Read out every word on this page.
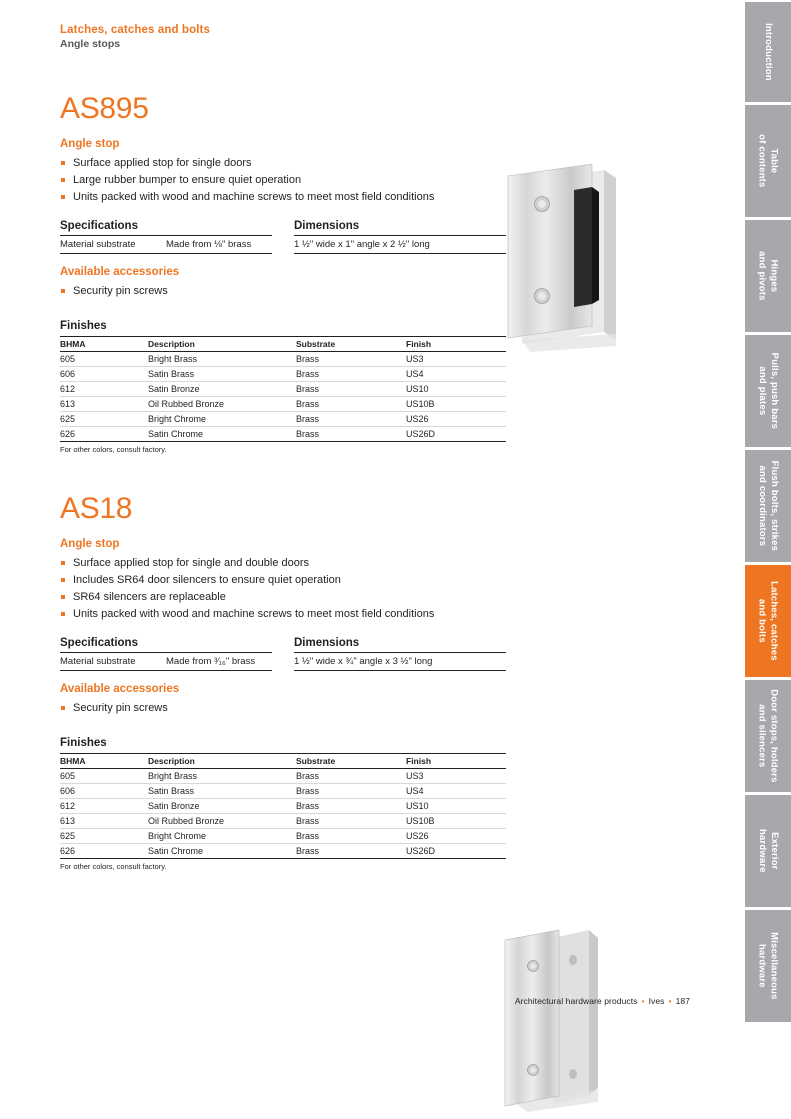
Latches, catches and bolts
Angle stops
AS895
Angle stop
Surface applied stop for single doors
Large rubber bumper to ensure quiet operation
Units packed with wood and machine screws to meet most field conditions
Specifications
Material substrate	Made from ⅛" brass
Dimensions
1 ½" wide x 1" angle x 2 ½" long
Available accessories
Security pin screws
Finishes
BHMA	Description	Substrate	Finish
605	Bright Brass	Brass	US3
606	Satin Brass	Brass	US4
612	Satin Bronze	Brass	US10
613	Oil Rubbed Bronze	Brass	US10B
625	Bright Chrome	Brass	US26
626	Satin Chrome	Brass	US26D
For other colors, consult factory.
AS18
Angle stop
Surface applied stop for single and double doors
Includes SR64 door silencers to ensure quiet operation
SR64 silencers are replaceable
Units packed with wood and machine screws to meet most field conditions
Specifications
Material substrate	Made from ³⁄₁₆" brass
Dimensions
1 ½" wide x ¾" angle x 3 ½" long
Available accessories
Security pin screws
Finishes
BHMA	Description	Substrate	Finish
605	Bright Brass	Brass	US3
606	Satin Brass	Brass	US4
612	Satin Bronze	Brass	US10
613	Oil Rubbed Bronze	Brass	US10B
625	Bright Chrome	Brass	US26
626	Satin Chrome	Brass	US26D
For other colors, consult factory.
Architectural hardware products • Ives • 187
Introduction
Table
of contents
Hinges
and pivots
Pulls, push bars
and plates
Flush bolts, strikes
and coordinators
Latches, catches
and bolts
Door stops, holders
and silencers
Exterior
hardware
Miscellaneous
hardware
